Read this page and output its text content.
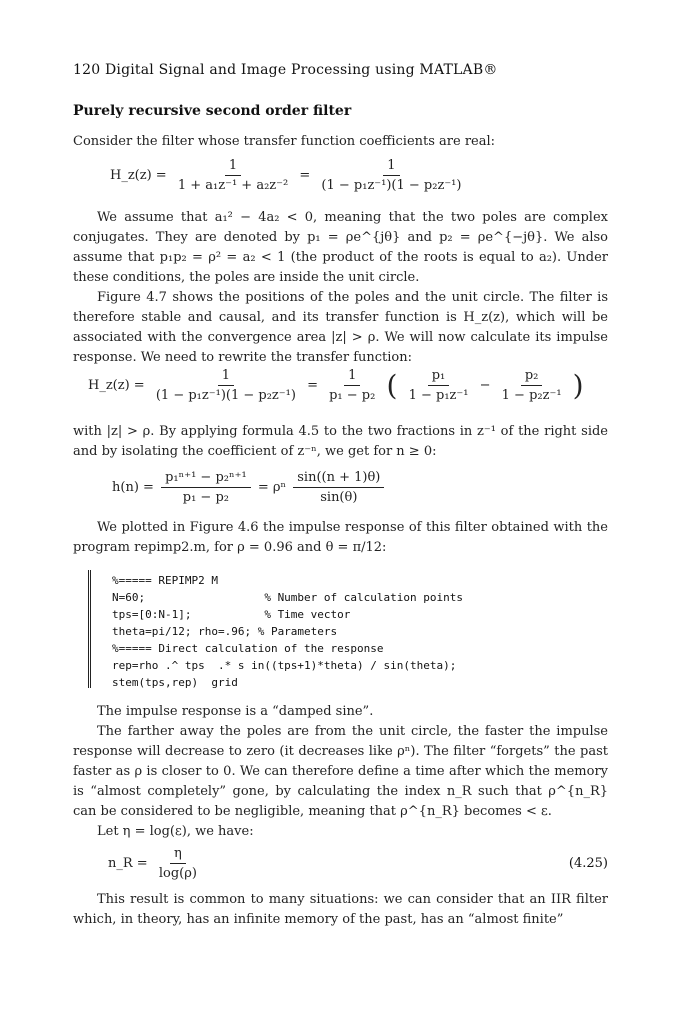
120 Digital Signal and Image Processing using MATLAB®
Purely recursive second order filter
Consider the filter whose transfer function coefficients are real:
H_z(z) = $\frac{1}{\text{1 + a₁z⁻¹ + a₂z⁻²}} = \frac{1}{\text{(1 − p₁z⁻¹)(1 − p₂z⁻¹)}}$
We assume that a₁² − 4a₂ < 0, meaning that the two poles are complex conjugates. They are denoted by p₁ = ρe^{jθ} and p₂ = ρe^{−jθ}. We also assume that p₁p₂ = ρ² = a₂ < 1 (the product of the roots is equal to a₂). Under these conditions, the poles are inside the unit circle.
Figure 4.7 shows the positions of the poles and the unit circle. The filter is therefore stable and causal, and its transfer function is H_z(z), which will be associated with the convergence area |z| > ρ. We will now calculate its impulse response. We need to rewrite the transfer function:
H_z(z) = $\frac{1}{\text{(1 − p₁z⁻¹)(1 − p₂z⁻¹)}} = \frac{1}{\text{p₁ − p₂}}$ ( $\frac{\text{p₁}}{\text{1 − p₁z⁻¹}} - \frac{\text{p₂}}{\text{1 − p₂z⁻¹}}$ )
with |z| > ρ. By applying formula 4.5 to the two fractions in z⁻¹ of the right side and by isolating the coefficient of z⁻ⁿ, we get for n ≥ 0:
$h(n) = \frac{\text{p₁ⁿ⁺¹ − p₂ⁿ⁺¹}}{\text{p₁ − p₂}} = \rho^n \frac{\sin((n + 1)\theta)}{\sin(\theta)}$
We plotted in Figure 4.6 the impulse response of this filter obtained with the program repimp2.m, for ρ = 0.96 and θ = π/12:
%===== REPIMP2 M
N=60;                  % Number of calculation points
tps=[0:N-1];           % Time vector
theta=pi/12; rho=.96; % Parameters
%===== Direct calculation of the response
rep=rho .^ tps  .* s in((tps+1)*theta) / sin(theta);
stem(tps,rep)  grid
The impulse response is a “damped sine”.
The farther away the poles are from the unit circle, the faster the impulse response will decrease to zero (it decreases like ρⁿ). The filter “forgets” the past faster as ρ is closer to 0. We can therefore define a time after which the memory is “almost completely” gone, by calculating the index n_R such that ρ^{n_R} can be considered to be negligible, meaning that ρ^{n_R} becomes < ε.
Let η = log(ε), we have:
n_R = $\frac{\eta}{\log(\rho)}$	(4.25)
This result is common to many situations: we can consider that an IIR filter which, in theory, has an infinite memory of the past, has an “almost finite”
